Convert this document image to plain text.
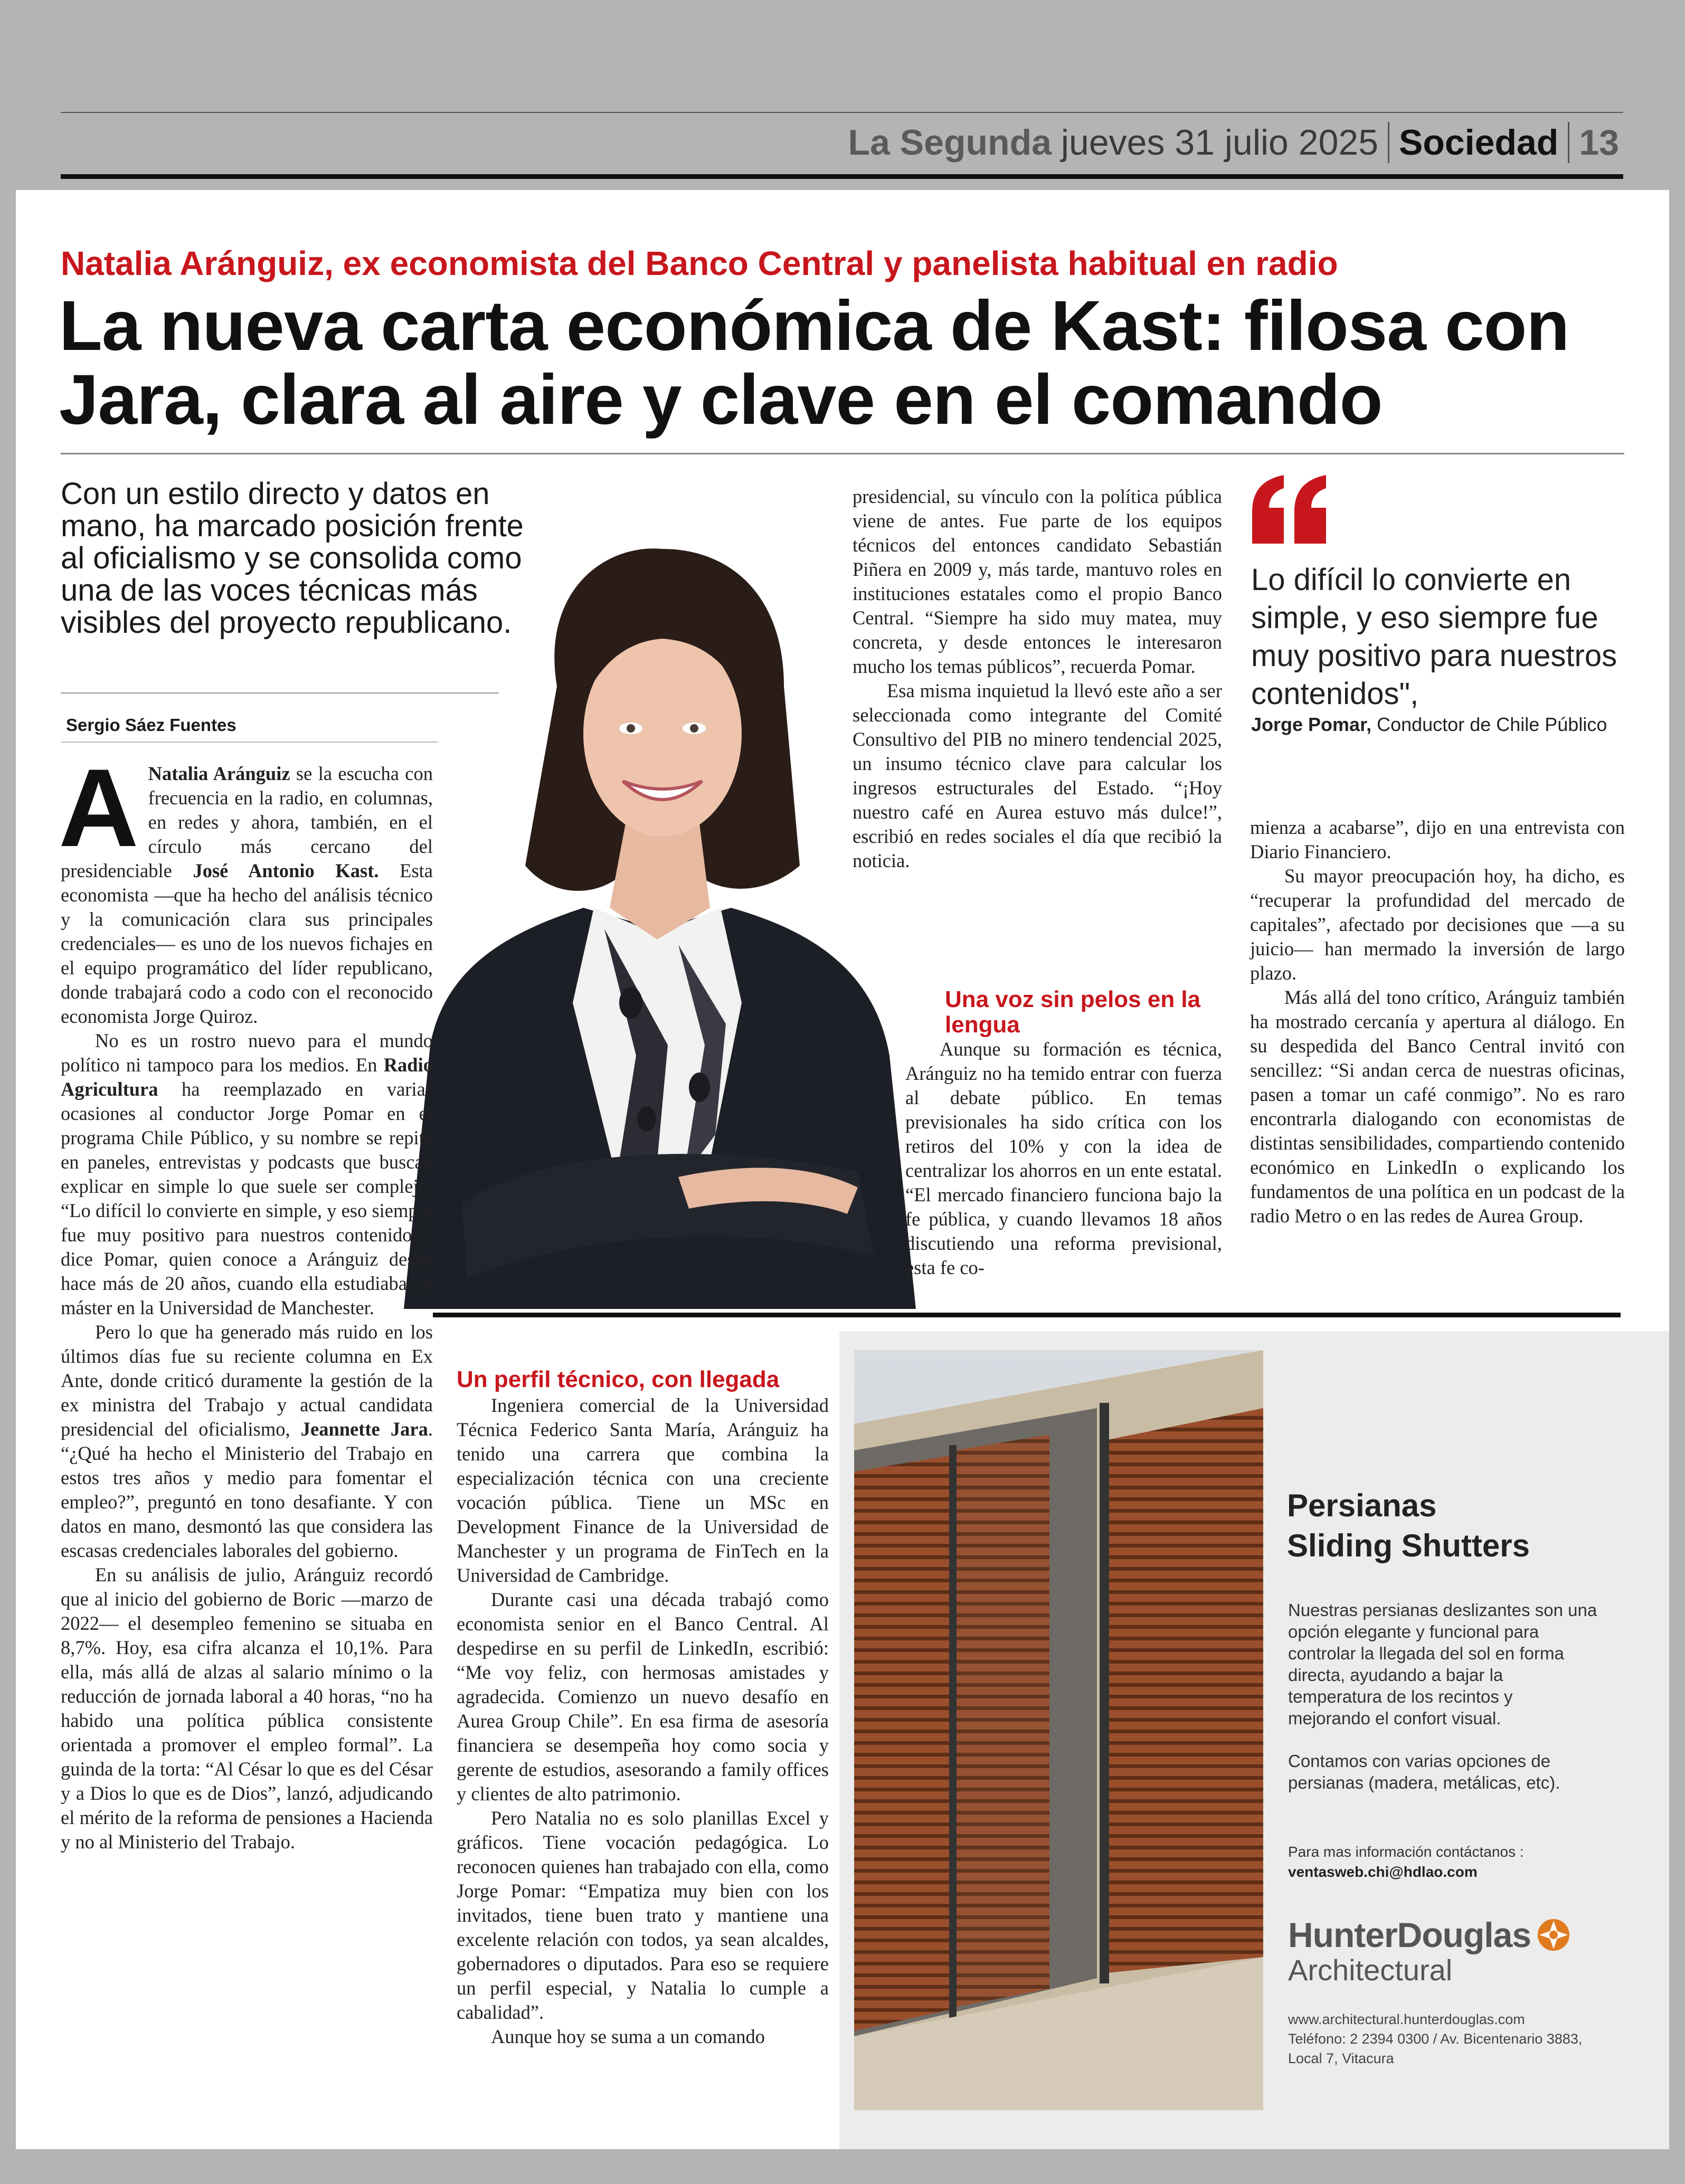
La Segunda jueves 31 julio 2025 Sociedad 13
Natalia Aránguiz, ex economista del Banco Central y panelista habitual en radio
La nueva carta económica de Kast: filosa con Jara, clara al aire y clave en el comando
Con un estilo directo y datos en mano, ha marcado posición frente al oficialismo y se consolida como una de las voces técnicas más visibles del proyecto republicano.
Sergio Sáez Fuentes

A Natalia Aránguiz se la escucha con frecuencia en la radio, en columnas, en redes y ahora, también, en el círculo más cercano del presidenciable José Antonio Kast. Esta economista —que ha hecho del análisis técnico y la comunicación clara sus principales credenciales— es uno de los nuevos fichajes en el equipo programático del líder republicano, donde trabajará codo a codo con el reconocido economista Jorge Quiroz.

No es un rostro nuevo para el mundo político ni tampoco para los medios. En Radio Agricultura ha reemplazado en varias ocasiones al conductor Jorge Pomar en el programa Chile Público, y su nombre se repite en paneles, entrevistas y podcasts que buscan explicar en simple lo que suele ser complejo. “Lo difícil lo convierte en simple, y eso siempre fue muy positivo para nuestros contenidos”, dice Pomar, quien conoce a Aránguiz desde hace más de 20 años, cuando ella estudiaba un máster en la Universidad de Manchester.

Pero lo que ha generado más ruido en los últimos días fue su reciente columna en Ex Ante, donde criticó duramente la gestión de la ex ministra del Trabajo y actual candidata presidencial del oficialismo, Jeannette Jara. “¿Qué ha hecho el Ministerio del Trabajo en estos tres años y medio para fomentar el empleo?”, preguntó en tono desafiante. Y con datos en mano, desmontó las que considera las escasas credenciales laborales del gobierno.

En su análisis de julio, Aránguiz recordó que al inicio del gobierno de Boric —marzo de 2022— el desempleo femenino se situaba en 8,7%. Hoy, esa cifra alcanza el 10,1%. Para ella, más allá de alzas al salario mínimo o la reducción de jornada laboral a 40 horas, “no ha habido una política pública consistente orientada a promover el empleo formal”. La guinda de la torta: “Al César lo que es del César y a Dios lo que es de Dios”, lanzó, adjudicando el mérito de la reforma de pensiones a Hacienda y no al Ministerio del Trabajo.

presidencial, su vínculo con la política pública viene de antes. Fue parte de los equipos técnicos del entonces candidato Sebastián Piñera en 2009 y, más tarde, mantuvo roles en instituciones estatales como el propio Banco Central. “Siempre ha sido muy matea, muy concreta, y desde entonces le interesaron mucho los temas públicos”, recuerda Pomar.

Esa misma inquietud la llevó este año a ser seleccionada como integrante del Comité Consultivo del PIB no minero tendencial 2025, un insumo técnico clave para calcular los ingresos estructurales del Estado. “¡Hoy nuestro café en Aurea estuvo más dulce!”, escribió en redes sociales el día que recibió la noticia.

Una voz sin pelos en la lengua

Aunque su formación es técnica, Aránguiz no ha temido entrar con fuerza al debate público. En temas previsionales ha sido crítica con los retiros del 10% y con la idea de centralizar los ahorros en un ente estatal. “El mercado financiero funciona bajo la fe pública, y cuando llevamos 18 años discutiendo una reforma previsional, esta fe co-

Lo difícil lo convierte en simple, y eso siempre fue muy positivo para nuestros contenidos",
Jorge Pomar, Conductor de Chile Público

mienza a acabarse”, dijo en una entrevista con Diario Financiero.

Su mayor preocupación hoy, ha dicho, es “recuperar la profundidad del mercado de capitales”, afectado por decisiones que —a su juicio— han mermado la inversión de largo plazo.

Más allá del tono crítico, Aránguiz también ha mostrado cercanía y apertura al diálogo. En su despedida del Banco Central invitó con sencillez: “Si andan cerca de nuestras oficinas, pasen a tomar un café conmigo”. No es raro encontrarla dialogando con economistas de distintas sensibilidades, compartiendo contenido económico en LinkedIn o explicando los fundamentos de una política en un podcast de la radio Metro o en las redes de Aurea Group.

Un perfil técnico, con llegada

Ingeniera comercial de la Universidad Técnica Federico Santa María, Aránguiz ha tenido una carrera que combina la especialización técnica con una creciente vocación pública. Tiene un MSc en Development Finance de la Universidad de Manchester y un programa de FinTech en la Universidad de Cambridge.

Durante casi una década trabajó como economista senior en el Banco Central. Al despedirse en su perfil de LinkedIn, escribió: “Me voy feliz, con hermosas amistades y agradecida. Comienzo un nuevo desafío en Aurea Group Chile”. En esa firma de asesoría financiera se desempeña hoy como socia y gerente de estudios, asesorando a family offices y clientes de alto patrimonio.

Pero Natalia no es solo planillas Excel y gráficos. Tiene vocación pedagógica. Lo reconocen quienes han trabajado con ella, como Jorge Pomar: “Empatiza muy bien con los invitados, tiene buen trato y mantiene una excelente relación con todos, ya sean alcaldes, gobernadores o diputados. Para eso se requiere un perfil especial, y Natalia lo cumple a cabalidad”.

Aunque hoy se suma a un comando

Persianas
Sliding Shutters

Nuestras persianas deslizantes son una opción elegante y funcional para controlar la llegada del sol en forma directa, ayudando a bajar la temperatura de los recintos y mejorando el confort visual.

Contamos con varias opciones de persianas (madera, metálicas, etc).

Para mas información contáctanos :
ventasweb.chi@hdlao.com
HunterDouglas
Architectural
www.architectural.hunterdouglas.com
Teléfono: 2 2394 0300 / Av. Bicentenario 3883, Local 7, Vitacura
